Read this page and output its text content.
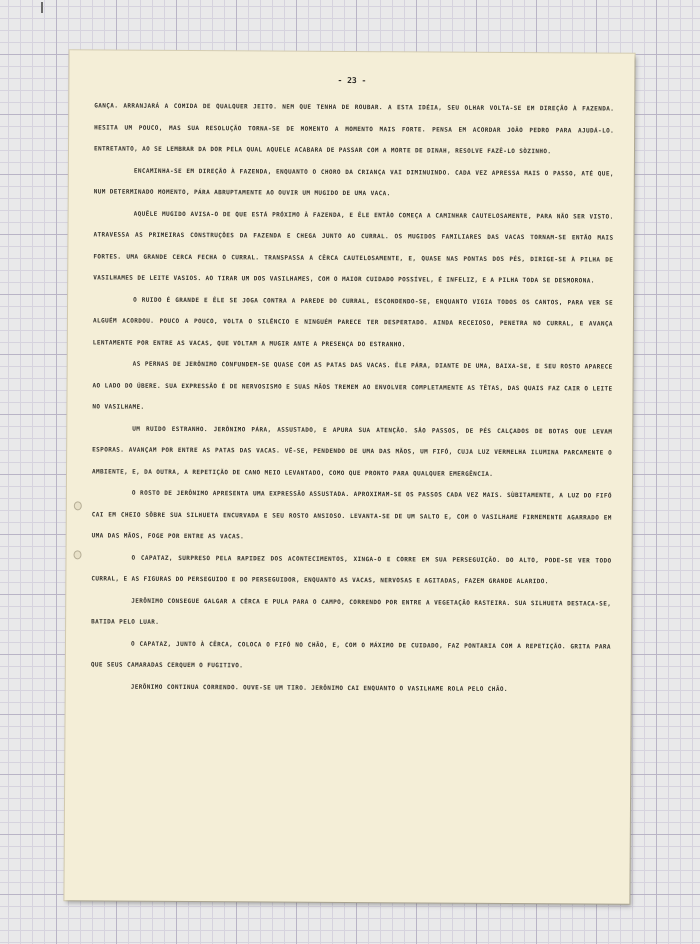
- 23 -

GANÇA. ARRANJARÁ A COMIDA DE QUALQUER JEITO. NEM QUE TENHA DE ROUBAR. A ESTA IDÉIA, SEU OLHAR VOLTA-SE EM DIREÇÃO À FAZENDA. HESITA UM POUCO, MAS SUA RESOLUÇÃO TORNA-SE DE MOMENTO A MOMENTO MAIS FORTE. PENSA EM ACORDAR JOÃO PEDRO PARA AJUDÁ-LO. ENTRETANTO, AO SE LEMBRAR DA DOR PELA QUAL AQUELE ACABARA DE PASSAR COM A MORTE DE DINAH, RESOLVE FAZÊ-LO SÒZINHO.

ENCAMINHA-SE EM DIREÇÃO À FAZENDA, ENQUANTO O CHORO DA CRIANÇA VAI DIMINUINDO. CADA VEZ APRESSA MAIS O PASSO, ATÉ QUE, NUM DETERMINADO MOMENTO, PÁRA ABRUPTAMENTE AO OUVIR UM MUGIDO DE UMA VACA.

AQUÊLE MUGIDO AVISA-O DE QUE ESTÁ PRÓXIMO À FAZENDA, E ÊLE ENTÃO COMEÇA A CAMINHAR CAUTELOSAMENTE, PARA NÃO SER VISTO. ATRAVESSA AS PRIMEIRAS CONSTRUÇÕES DA FAZENDA E CHEGA JUNTO AO CURRAL. OS MUGIDOS FAMILIARES DAS VACAS TORNAM-SE ENTÃO MAIS FORTES. UMA GRANDE CERCA FECHA O CURRAL. TRANSPASSA A CÊRCA CAUTELOSAMENTE, E, QUASE NAS PONTAS DOS PÉS, DIRIGE-SE À PILHA DE VASILHAMES DE LEITE VASIOS. AO TIRAR UM DOS VASILHAMES, COM O MAIOR CUIDADO POSSÍVEL, É INFELIZ, E A PILHA TODA SE DESMORONA.

O RUIDO É GRANDE E ÊLE SE JOGA CONTRA A PAREDE DO CURRAL, ESCONDENDO-SE, ENQUANTO VIGIA TODOS OS CANTOS, PARA VER SE ALGUÉM ACORDOU. POUCO A POUCO, VOLTA O SILÊNCIO E NINGUÉM PARECE TER DESPERTADO. AINDA RECEIOSO, PENETRA NO CURRAL, E AVANÇA LENTAMENTE POR ENTRE AS VACAS, QUE VOLTAM A MUGIR ANTE A PRESENÇA DO ESTRANHO.

AS PERNAS DE JERÔNIMO CONFUNDEM-SE QUASE COM AS PATAS DAS VACAS. ÊLE PÁRA, DIANTE DE UMA, BAIXA-SE, E SEU ROSTO APARECE AO LADO DO ÚBERE. SUA EXPRESSÃO É DE NERVOSISMO E SUAS MÃOS TREMEM AO ENVOLVER COMPLETAMENTE AS TÊTAS, DAS QUAIS FAZ CAIR O LEITE NO VASILHAME.

UM RUIDO ESTRANHO. JERÔNIMO PÁRA, ASSUSTADO, E APURA SUA ATENÇÃO. SÃO PASSOS, DE PÉS CALÇADOS DE BOTAS QUE LEVAM ESPORAS. AVANÇAM POR ENTRE AS PATAS DAS VACAS. VÊ-SE, PENDENDO DE UMA DAS MÃOS, UM FIFÓ, CUJA LUZ VERMELHA ILUMINA PARCAMENTE O AMBIENTE, E, DA OUTRA, A REPETIÇÃO DE CANO MEIO LEVANTADO, COMO QUE PRONTO PARA QUALQUER EMERGÊNCIA.

O ROSTO DE JERÔNIMO APRESENTA UMA EXPRESSÃO ASSUSTADA. APROXIMAM-SE OS PASSOS CADA VEZ MAIS. SÙBITAMENTE, A LUZ DO FIFÓ CAI EM CHEIO SÔBRE SUA SILHUETA ENCURVADA E SEU ROSTO ANSIOSO. LEVANTA-SE DE UM SALTO E, COM O VASILHAME FIRMEMENTE AGARRADO EM UMA DAS MÃOS, FOGE POR ENTRE AS VACAS.

O CAPATAZ, SURPRESO PELA RAPIDEZ DOS ACONTECIMENTOS, XINGA-O E CORRE EM SUA PERSEGUIÇÃO. DO ALTO, PODE-SE VER TODO CURRAL, E AS FIGURAS DO PERSEGUIDO E DO PERSEGUIDOR, ENQUANTO AS VACAS, NERVOSAS E AGITADAS, FAZEM GRANDE ALARIDO.

JERÔNIMO CONSEGUE GALGAR A CÊRCA E PULA PARA O CAMPO, CORRENDO POR ENTRE A VEGETAÇÃO RASTEIRA. SUA SILHUETA DESTACA-SE, BATIDA PELO LUAR.

O CAPATAZ, JUNTO À CÊRCA, COLOCA O FIFÓ NO CHÃO, E, COM O MÁXIMO DE CUIDADO, FAZ PONTARIA COM A REPETIÇÃO. GRITA PARA QUE SEUS CAMARADAS CERQUEM O FUGITIVO.

JERÔNIMO CONTINUA CORRENDO. OUVE-SE UM TIRO. JERÔNIMO CAI ENQUANTO O VASILHAME ROLA PELO CHÃO.
